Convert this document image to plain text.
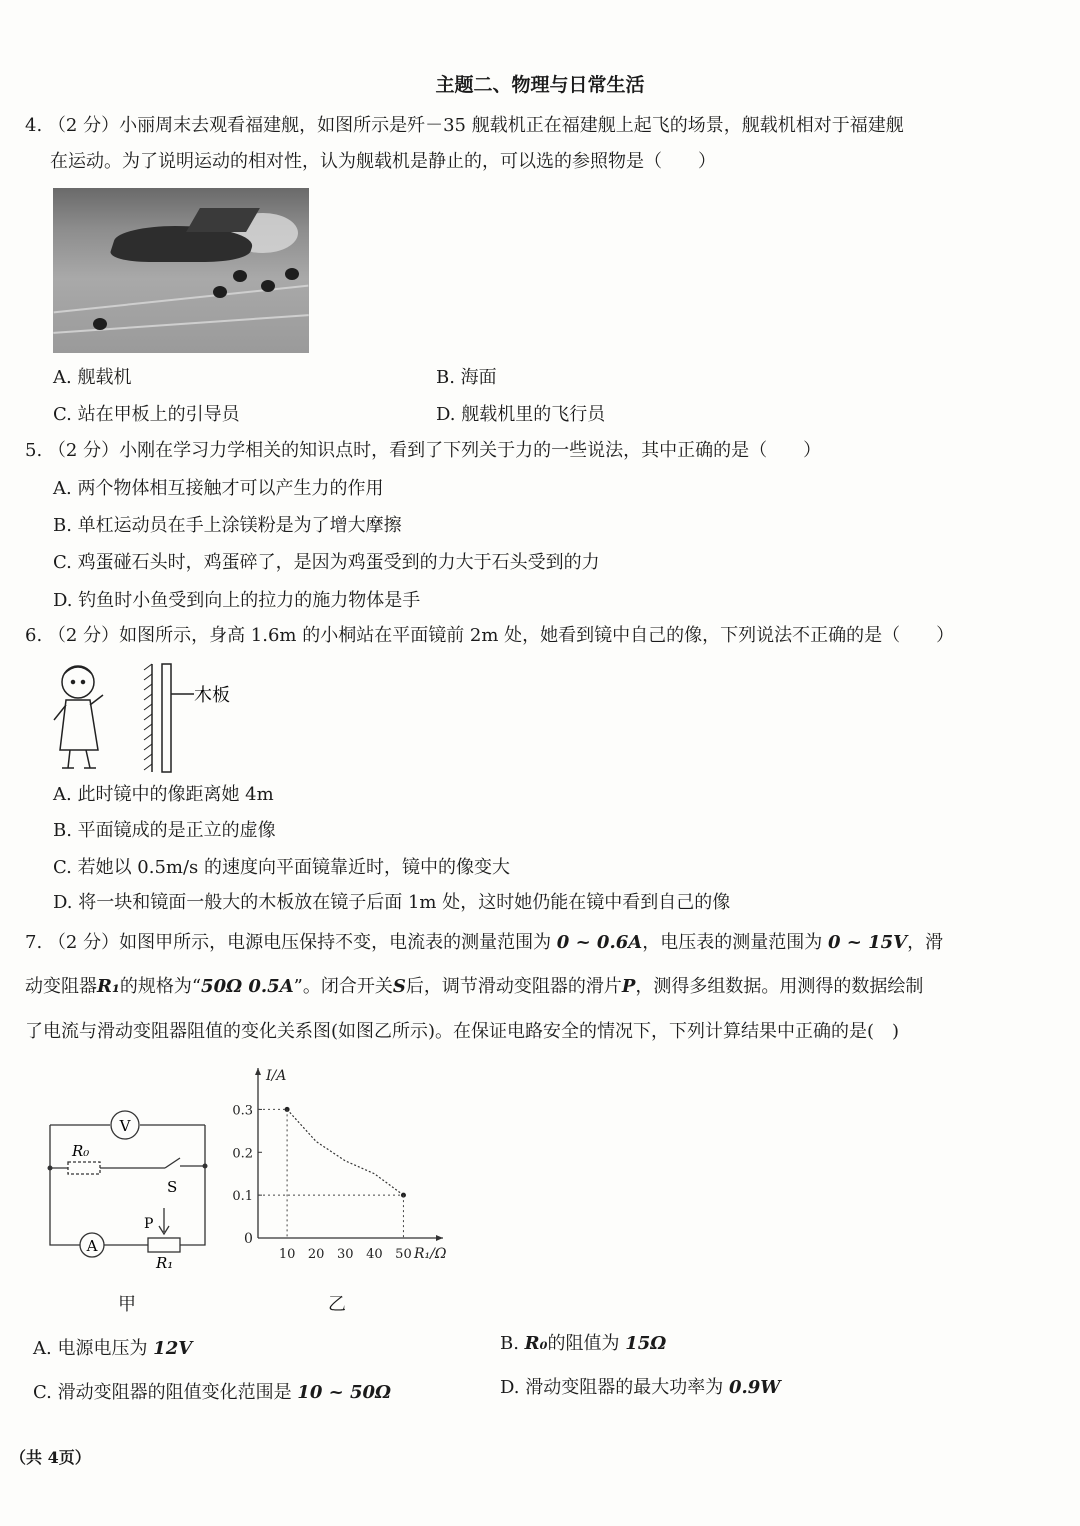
主题二、物理与日常生活
4. （2 分）小丽周末去观看福建舰，如图所示是歼－35 舰载机正在福建舰上起飞的场景，舰载机相对于福建舰
在运动。为了说明运动的相对性，认为舰载机是静止的，可以选的参照物是（　　）
A. 舰载机	B. 海面
C. 站在甲板上的引导员	D. 舰载机里的飞行员
5. （2 分）小刚在学习力学相关的知识点时，看到了下列关于力的一些说法，其中正确的是（　　）
A. 两个物体相互接触才可以产生力的作用
B. 单杠运动员在手上涂镁粉是为了增大摩擦
C. 鸡蛋碰石头时，鸡蛋碎了，是因为鸡蛋受到的力大于石头受到的力
D. 钓鱼时小鱼受到向上的拉力的施力物体是手
6. （2 分）如图所示，身高 1.6m 的小桐站在平面镜前 2m 处，她看到镜中自己的像，下列说法不正确的是（　　）
木板
A. 此时镜中的像距离她 4m
B. 平面镜成的是正立的虚像
C. 若她以 0.5m/s 的速度向平面镜靠近时，镜中的像变大
D. 将一块和镜面一般大的木板放在镜子后面 1m 处，这时她仍能在镜中看到自己的像
7. （2 分）如图甲所示，电源电压保持不变，电流表的测量范围为 0 ~ 0.6A，电压表的测量范围为 0 ~ 15V，滑
动变阻器R₁的规格为“50Ω 0.5A”。闭合开关S后，调节滑动变阻器的滑片P，测得多组数据。用测得的数据绘制
了电流与滑动变阻器阻值的变化关系图(如图乙所示)。在保证电路安全的情况下，下列计算结果中正确的是(　)
V
A
R₀
S
P
R₁
甲
I/A
R₁/Ω
0
10 20 30 40 50
0.1
0.2
0.3
乙
A. 电源电压为 12V	B. R₀的阻值为 15Ω
C. 滑动变阻器的阻值变化范围是 10 ~ 50Ω	D. 滑动变阻器的最大功率为 0.9W
（共 4页）
